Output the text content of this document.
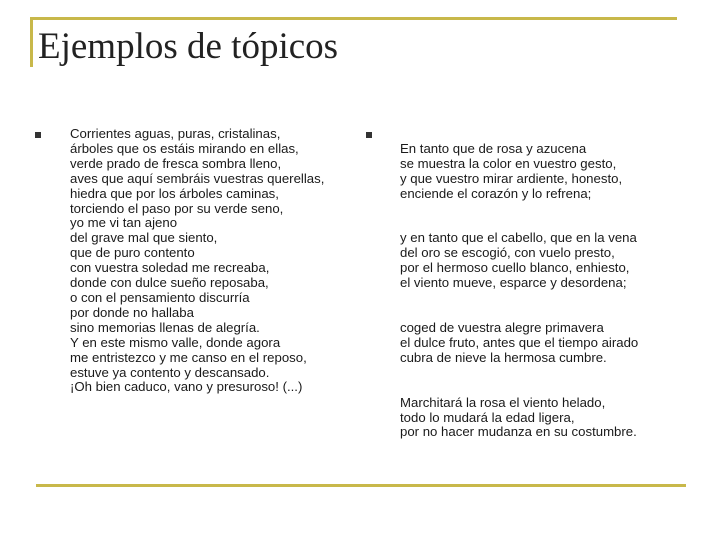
Ejemplos de tópicos
Corrientes aguas, puras, cristalinas,
árboles que os estáis mirando en ellas,
verde prado de fresca sombra lleno,
aves que aquí sembráis vuestras querellas,
hiedra que por los árboles caminas,
torciendo el paso por su verde seno,
yo me vi tan ajeno
del grave mal que siento,
que de puro contento
con vuestra soledad me recreaba,
donde con dulce sueño reposaba,
o con el pensamiento discurría
por donde no hallaba
sino memorias llenas de alegría.
Y en este mismo valle, donde agora
me entristezco y me canso en el reposo,
estuve ya contento y descansado.
¡Oh bien caduco, vano y presuroso! (...)

En tanto que de rosa y azucena
se muestra la color en vuestro gesto,
y que vuestro mirar ardiente, honesto,
enciende el corazón y lo refrena;

y en tanto que el cabello, que en la vena
del oro se escogió, con vuelo presto,
por el hermoso cuello blanco, enhiesto,
el viento mueve, esparce y desordena;

coged de vuestra alegre primavera
el dulce fruto, antes que el tiempo airado
cubra de nieve la hermosa cumbre.

Marchitará la rosa el viento helado,
todo lo mudará la edad ligera,
por no hacer mudanza en su costumbre.
